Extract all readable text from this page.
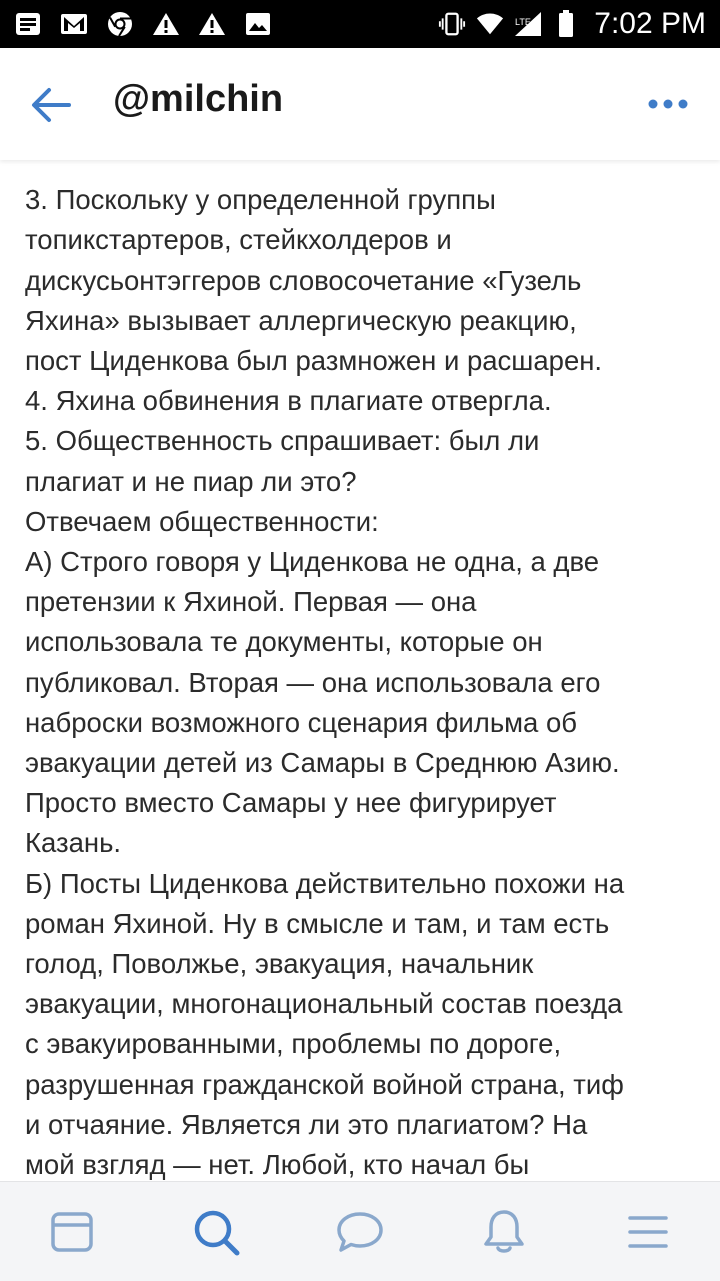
LTE 7:02 PM
@milchin
3. Поскольку у определенной группы
топикстартеров, стейкхолдеров и
дискусьонтэггеров словосочетание «Гузель
Яхина» вызывает аллергическую реакцию,
пост Циденкова был размножен и расшарен.
4. Яхина обвинения в плагиате отвергла.
5. Общественность спрашивает: был ли
плагиат и не пиар ли это?
Отвечаем общественности:
А) Строго говоря у Циденкова не одна, а две
претензии к Яхиной. Первая — она
использовала те документы, которые он
публиковал. Вторая — она использовала его
наброски возможного сценария фильма об
эвакуации детей из Самары в Среднюю Азию.
Просто вместо Самары у нее фигурирует
Казань.
Б) Посты Циденкова действительно похожи на
роман Яхиной. Ну в смысле и там, и там есть
голод, Поволжье, эвакуация, начальник
эвакуации, многонациональный состав поезда
с эвакуированными, проблемы по дороге,
разрушенная гражданской войной страна, тиф
и отчаяние. Является ли это плагиатом? На
мой взгляд — нет. Любой, кто начал бы
